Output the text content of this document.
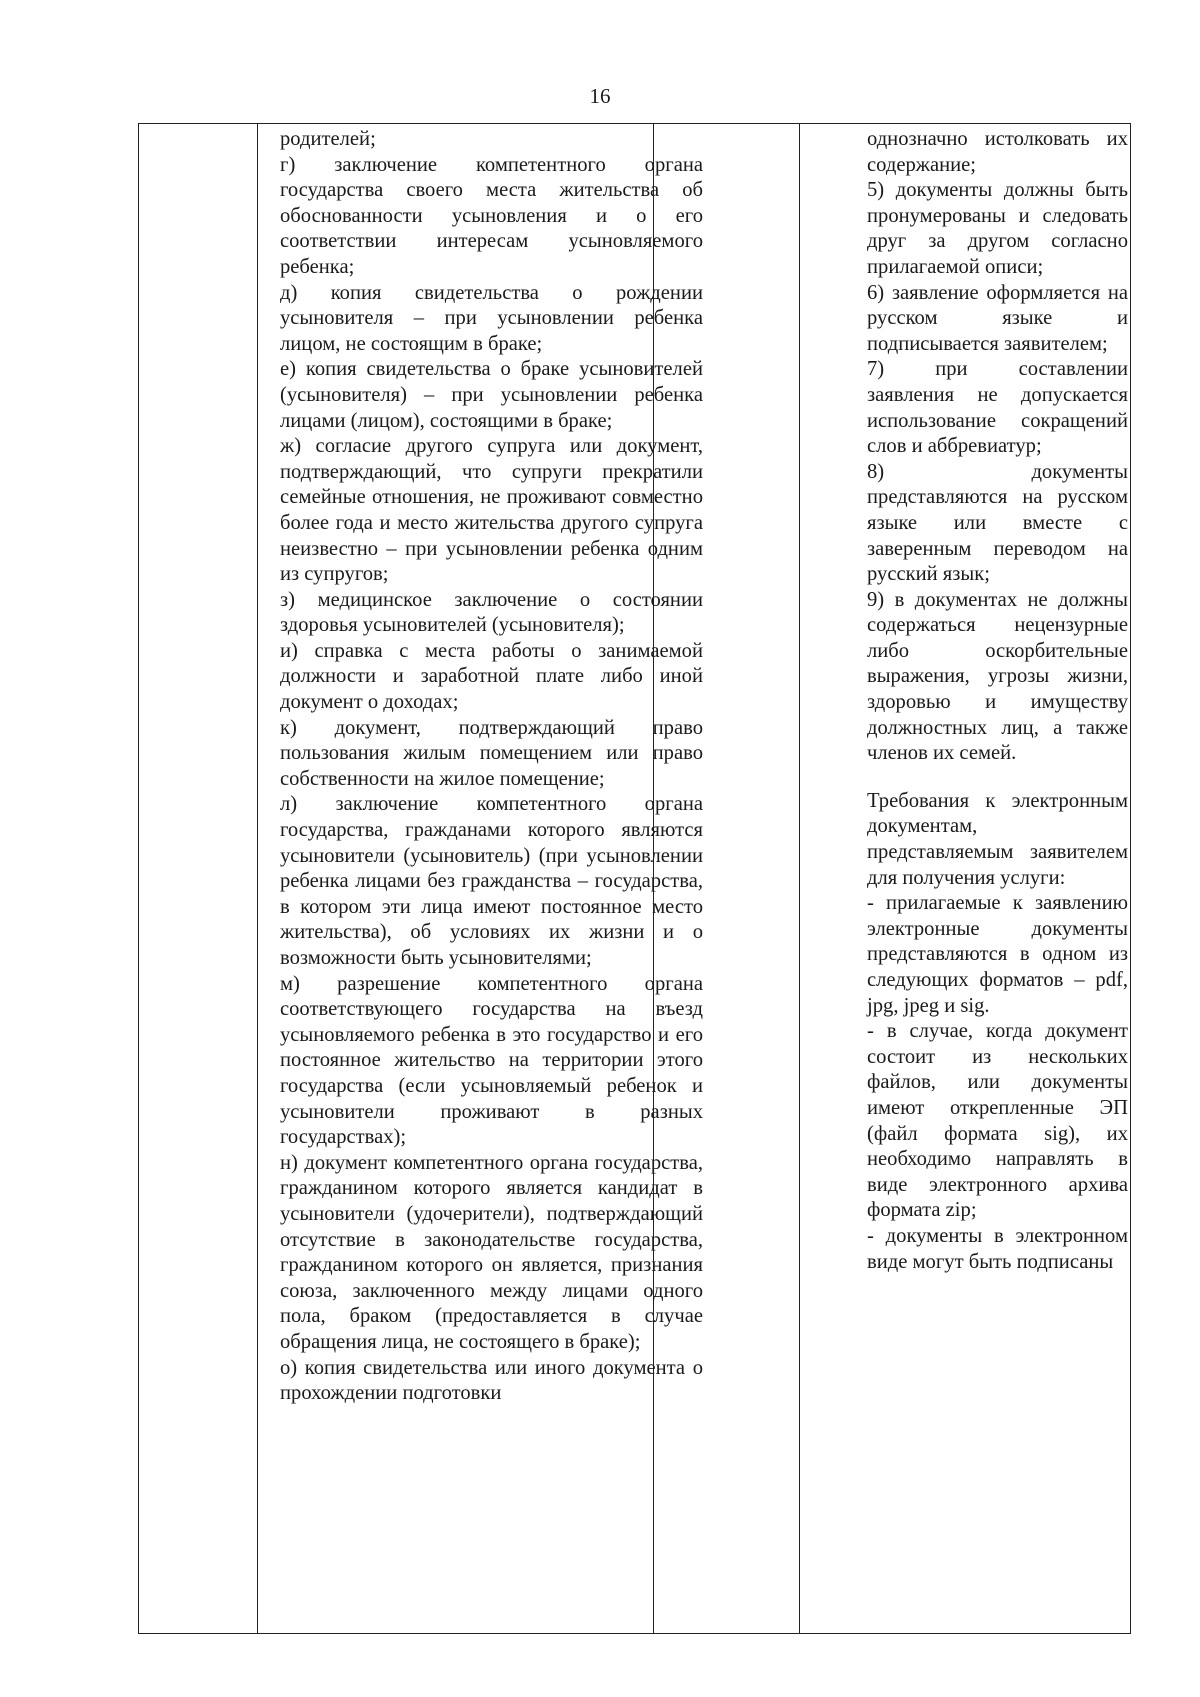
16

родителей;

г) заключение компетентного органа государства своего места жительства об обоснованности усыновления и о его соответствии интересам усыновляемого ребенка;

д) копия свидетельства о рождении усыновителя – при усыновлении ребенка лицом, не состоящим в браке;

е) копия свидетельства о браке усыновителей (усыновителя) – при усыновлении ребенка лицами (лицом), состоящими в браке;

ж) согласие другого супруга или документ, подтверждающий, что супруги прекратили семейные отношения, не проживают совместно более года и место жительства другого супруга неизвестно – при усыновлении ребенка одним из супругов;

з) медицинское заключение о состоянии здоровья усыновителей (усыновителя);

и) справка с места работы о занимаемой должности и заработной плате либо иной документ о доходах;

к) документ, подтверждающий право пользования жилым помещением или право собственности на жилое помещение;

л) заключение компетентного органа государства, гражданами которого являются усыновители (усыновитель) (при усыновлении ребенка лицами без гражданства – государства, в котором эти лица имеют постоянное место жительства), об условиях их жизни и о возможности быть усыновителями;

м) разрешение компетентного органа соответствующего государства на въезд усыновляемого ребенка в это государство и его постоянное жительство на территории этого государства (если усыновляемый ребенок и усыновители проживают в разных государствах);

н) документ компетентного органа государства, гражданином которого является кандидат в усыновители (удочерители), подтверждающий отсутствие в законодательстве государства, гражданином которого он является, признания союза, заключенного между лицами одного пола, браком (предоставляется в случае обращения лица, не состоящего в браке);

о) копия свидетельства или иного документа о прохождении подготовки

однозначно истолковать их содержание;

5) документы должны быть пронумерованы и следовать друг за другом согласно прилагаемой описи;

6) заявление оформляется на русском языке и подписывается заявителем;

7) при составлении заявления не допускается использование сокращений слов и аббревиатур;

8) документы представляются на русском языке или вместе с заверенным переводом на русский язык;

9) в документах не должны содержаться нецензурные либо оскорбительные выражения, угрозы жизни, здоровью и имуществу должностных лиц, а также членов их семей.

Требования к электронным документам, представляемым заявителем для получения услуги:

- прилагаемые к заявлению электронные документы представляются в одном из следующих форматов – pdf, jpg, jpeg и sig.

- в случае, когда документ состоит из нескольких файлов, или документы имеют открепленные ЭП (файл формата sig), их необходимо направлять в виде электронного архива формата zip;

- документы в электронном виде могут быть подписаны
